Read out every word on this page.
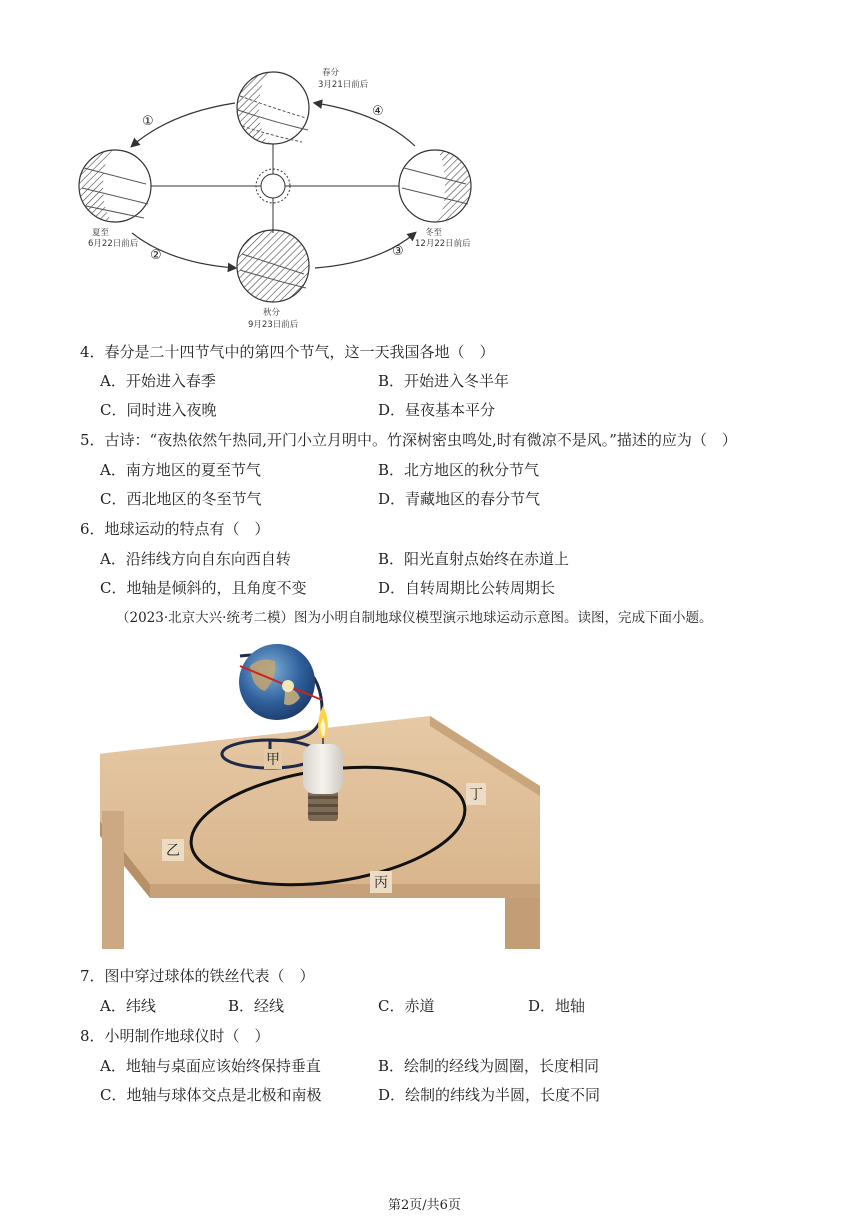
春分
3月21日前后
夏至
6月22日前后
秋分
9月23日前后
冬至
12月22日前后
①
②	③
④
4．春分是二十四节气中的第四个节气，这一天我国各地（　）
A．开始进入春季	B．开始进入冬半年
C．同时进入夜晚	D．昼夜基本平分
5．古诗：“夜热依然午热同,开门小立月明中。竹深树密虫鸣处,时有微凉不是风。”描述的应为（　）
A．南方地区的夏至节气	B．北方地区的秋分节气
C．西北地区的冬至节气	D．青藏地区的春分节气
6．地球运动的特点有（　）
A．沿纬线方向自东向西自转	B．阳光直射点始终在赤道上
C．地轴是倾斜的，且角度不变	D．自转周期比公转周期长
（2023·北京大兴·统考二模）图为小明自制地球仪模型演示地球运动示意图。读图，完成下面小题。
甲
乙
丙
丁
7．图中穿过球体的铁丝代表（　）
A．纬线	B．经线	C．赤道	D．地轴
8．小明制作地球仪时（　）
A．地轴与桌面应该始终保持垂直	B．绘制的经线为圆圈，长度相同
C．地轴与球体交点是北极和南极	D．绘制的纬线为半圆，长度不同
第2页/共6页
